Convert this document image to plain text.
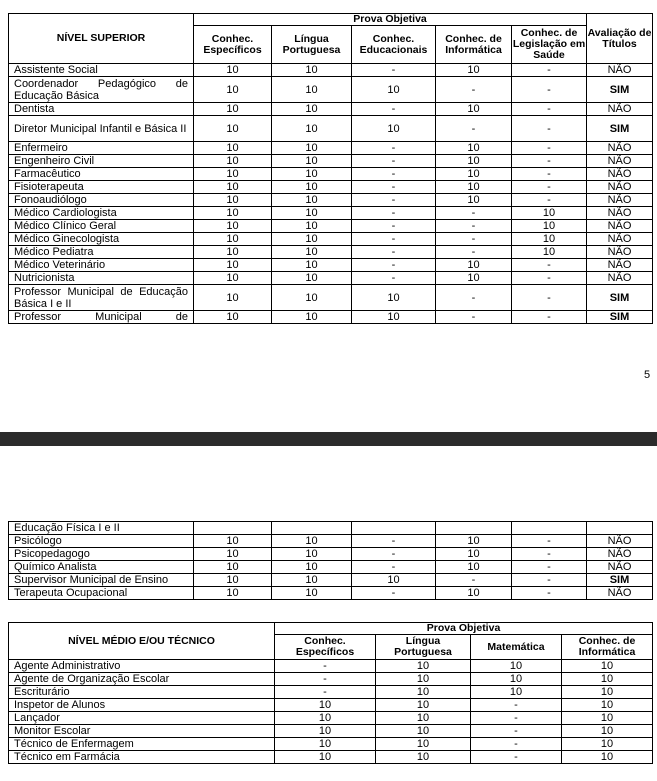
NÍVEL SUPERIOR	Prova Objetiva					Avaliação de Títulos
	Conhec. Específicos	Língua Portuguesa	Conhec. Educacionais	Conhec. de Informática	Conhec. de Legislação em Saúde	
Assistente Social	10	10	-	10	-	NÃO
Coordenador Pedagógico de Educação Básica	10	10	10	-	-	SIM
Dentista	10	10	-	10	-	NÃO
Diretor Municipal Infantil e Básica II	10	10	10	-	-	SIM
Enfermeiro	10	10	-	10	-	NÃO
Engenheiro Civil	10	10	-	10	-	NÃO
Farmacêutico	10	10	-	10	-	NÃO
Fisioterapeuta	10	10	-	10	-	NÃO
Fonoaudiólogo	10	10	-	10	-	NÃO
Médico Cardiologista	10	10	-	-	10	NÃO
Médico Clínico Geral	10	10	-	-	10	NÃO
Médico Ginecologista	10	10	-	-	10	NÃO
Médico Pediatra	10	10	-	-	10	NÃO
Médico Veterinário	10	10	-	10	-	NÃO
Nutricionista	10	10	-	10	-	NÃO
Professor Municipal de Educação Básica I e II	10	10	10	-	-	SIM
Professor Municipal de	10	10	10	-	-	SIM
5
Educação Física I e II						
Psicólogo	10	10	-	10	-	NÃO
Psicopedagogo	10	10	-	10	-	NÃO
Químico Analista	10	10	-	10	-	NÃO
Supervisor Municipal de Ensino	10	10	10	-	-	SIM
Terapeuta Ocupacional	10	10	-	10	-	NÃO
NÍVEL MÉDIO E/OU TÉCNICO	Prova Objetiva			
	Conhec. Específicos	Língua Portuguesa	Matemática	Conhec. de Informática
Agente Administrativo	-	10	10	10
Agente de Organização Escolar	-	10	10	10
Escriturário	-	10	10	10
Inspetor de Alunos	10	10	-	10
Lançador	10	10	-	10
Monitor Escolar	10	10	-	10
Técnico de Enfermagem	10	10	-	10
Técnico em Farmácia	10	10	-	10
